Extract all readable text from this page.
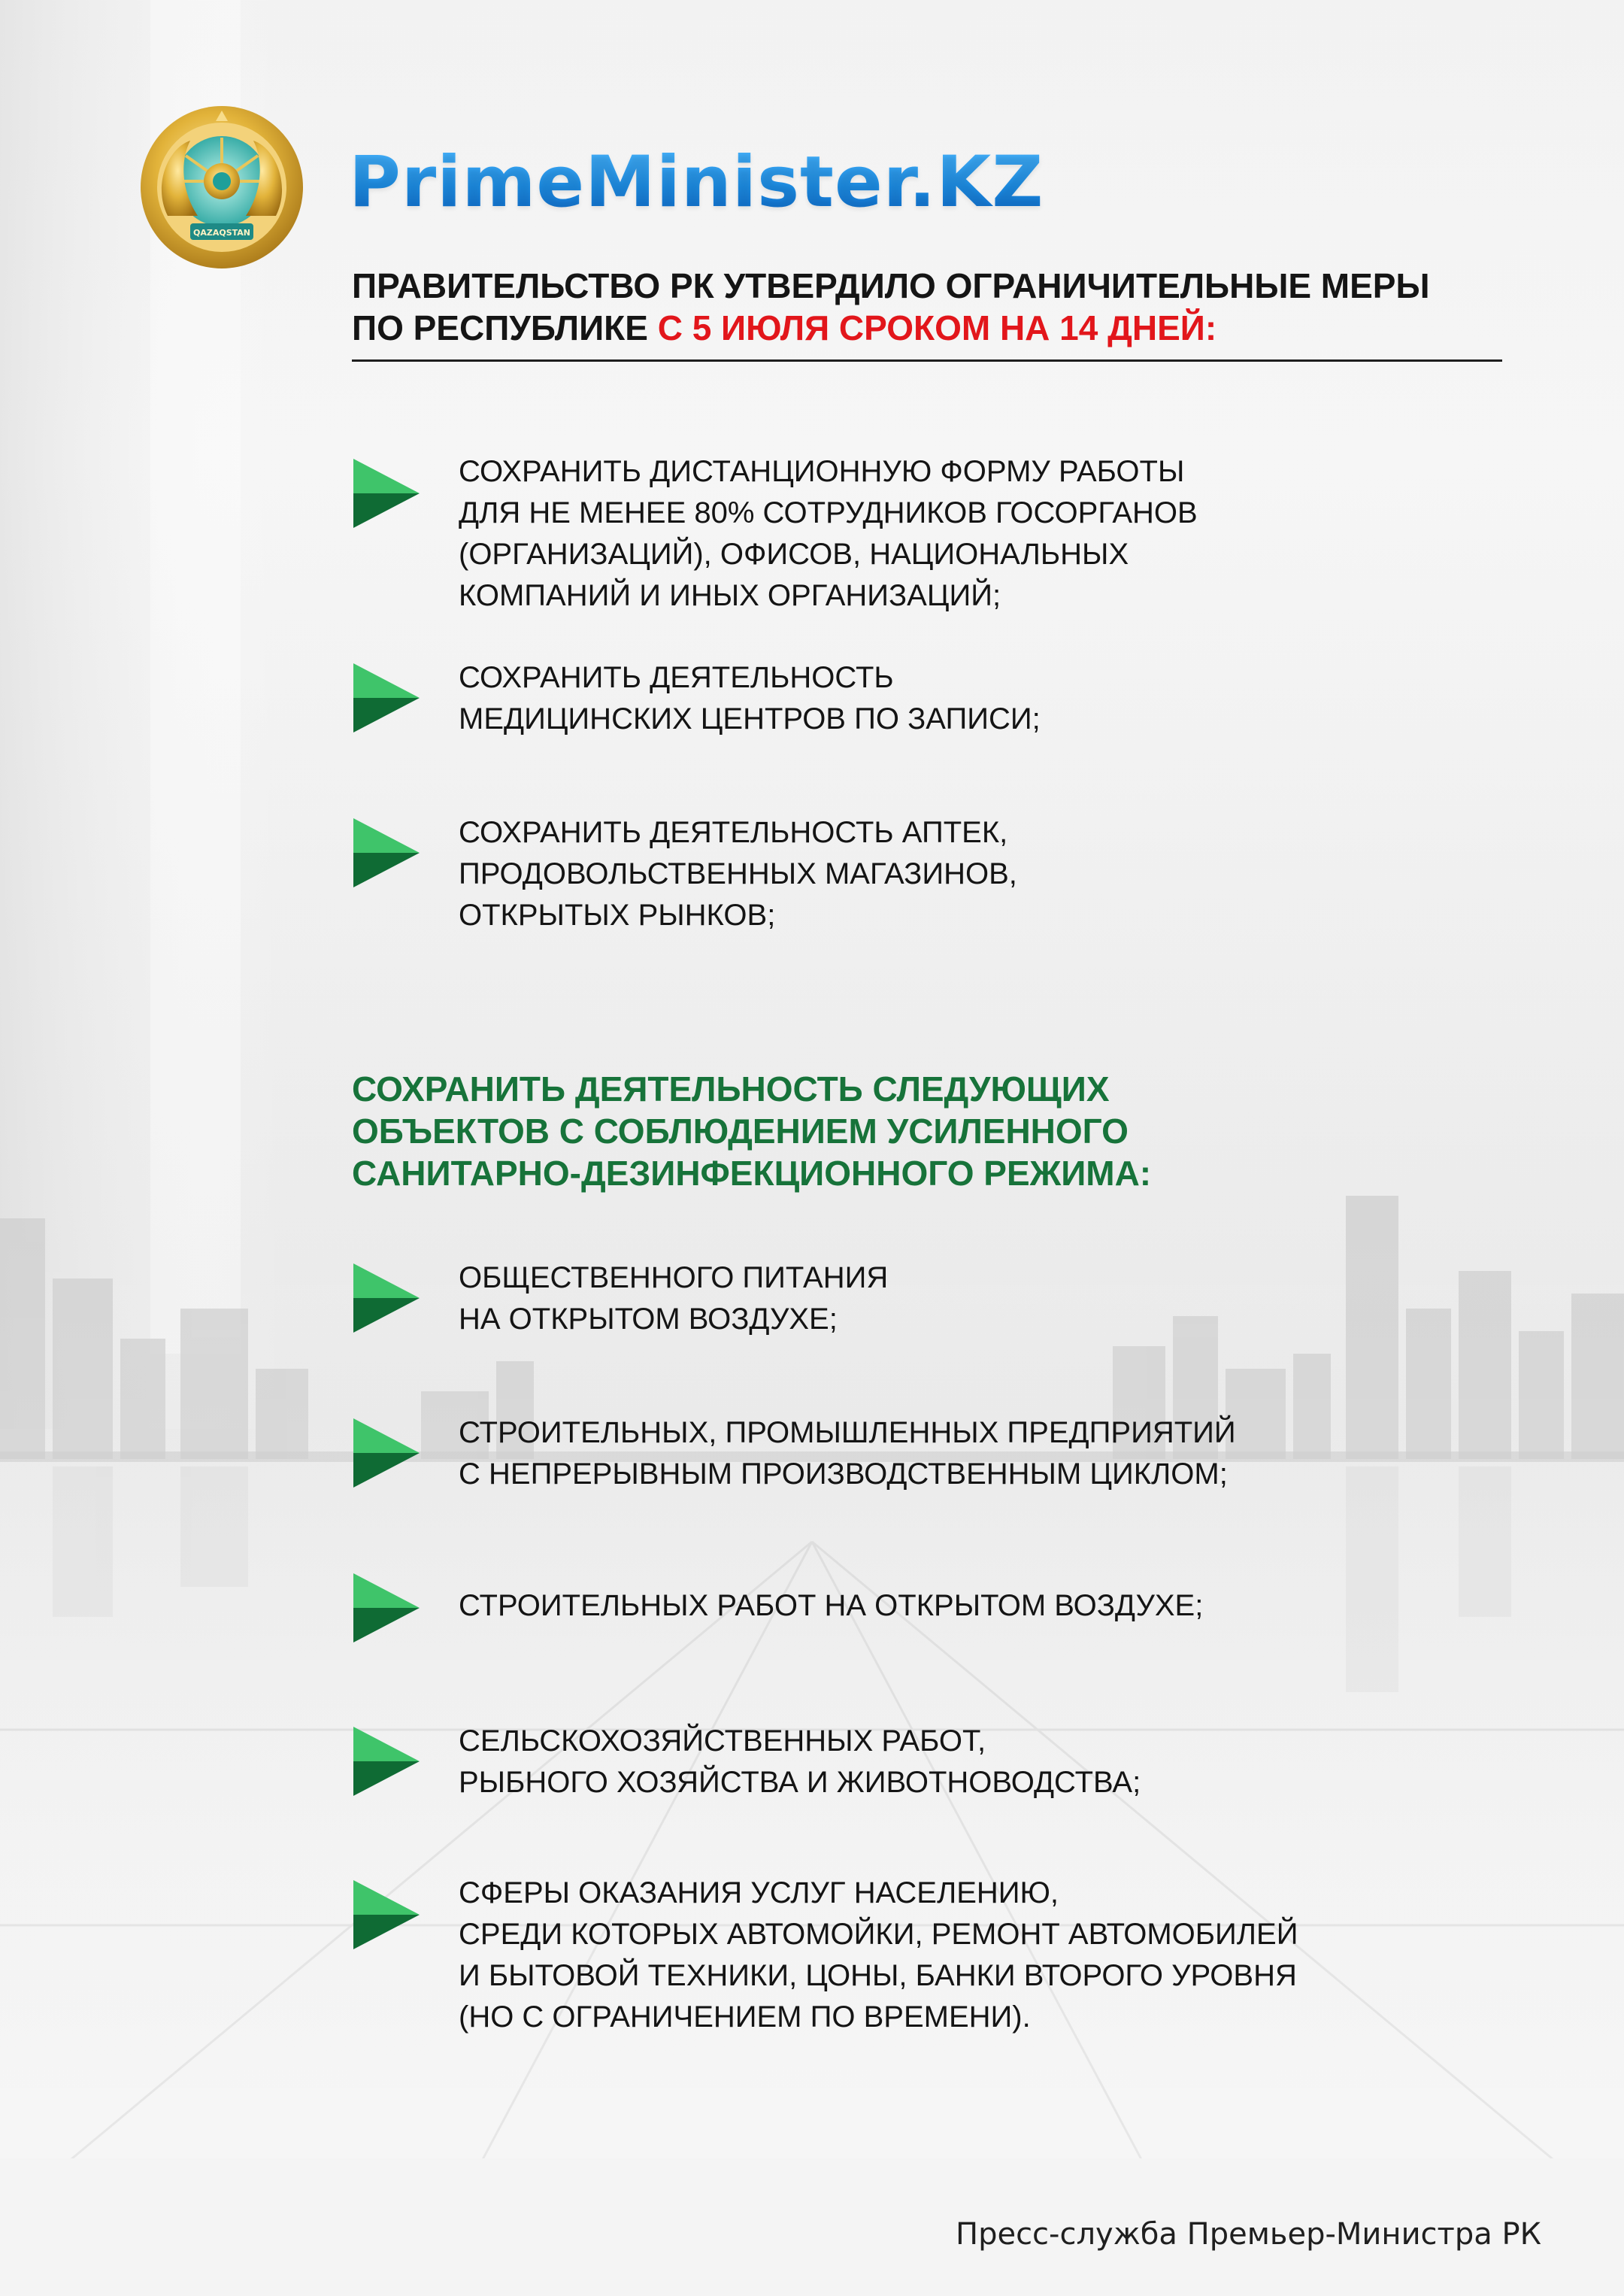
QAZAQSTAN
PrimeMinister.KZ
ПРАВИТЕЛЬСТВО РК УТВЕРДИЛО ОГРАНИЧИТЕЛЬНЫЕ МЕРЫ
ПО РЕСПУБЛИКЕ С 5 ИЮЛЯ СРОКОМ НА 14 ДНЕЙ:
СОХРАНИТЬ ДИСТАНЦИОННУЮ ФОРМУ РАБОТЫ
ДЛЯ НЕ МЕНЕЕ 80% СОТРУДНИКОВ ГОСОРГАНОВ
(ОРГАНИЗАЦИЙ), ОФИСОВ, НАЦИОНАЛЬНЫХ
КОМПАНИЙ И ИНЫХ ОРГАНИЗАЦИЙ;
СОХРАНИТЬ ДЕЯТЕЛЬНОСТЬ
МЕДИЦИНСКИХ ЦЕНТРОВ ПО ЗАПИСИ;
СОХРАНИТЬ ДЕЯТЕЛЬНОСТЬ АПТЕК,
ПРОДОВОЛЬСТВЕННЫХ МАГАЗИНОВ,
ОТКРЫТЫХ РЫНКОВ;
СОХРАНИТЬ ДЕЯТЕЛЬНОСТЬ СЛЕДУЮЩИХ
ОБЪЕКТОВ С СОБЛЮДЕНИЕМ УСИЛЕННОГО
САНИТАРНО-ДЕЗИНФЕКЦИОННОГО РЕЖИМА:
ОБЩЕСТВЕННОГО ПИТАНИЯ
НА ОТКРЫТОМ ВОЗДУХЕ;
СТРОИТЕЛЬНЫХ, ПРОМЫШЛЕННЫХ ПРЕДПРИЯТИЙ
С НЕПРЕРЫВНЫМ ПРОИЗВОДСТВЕННЫМ ЦИКЛОМ;
СТРОИТЕЛЬНЫХ РАБОТ НА ОТКРЫТОМ ВОЗДУХЕ;
СЕЛЬСКОХОЗЯЙСТВЕННЫХ РАБОТ,
РЫБНОГО ХОЗЯЙСТВА И ЖИВОТНОВОДСТВА;
СФЕРЫ ОКАЗАНИЯ УСЛУГ НАСЕЛЕНИЮ,
СРЕДИ КОТОРЫХ АВТОМОЙКИ, РЕМОНТ АВТОМОБИЛЕЙ
И БЫТОВОЙ ТЕХНИКИ, ЦОНЫ, БАНКИ ВТОРОГО УРОВНЯ
(НО С ОГРАНИЧЕНИЕМ ПО ВРЕМЕНИ).
Пресс-служба Премьер-Министра РК
